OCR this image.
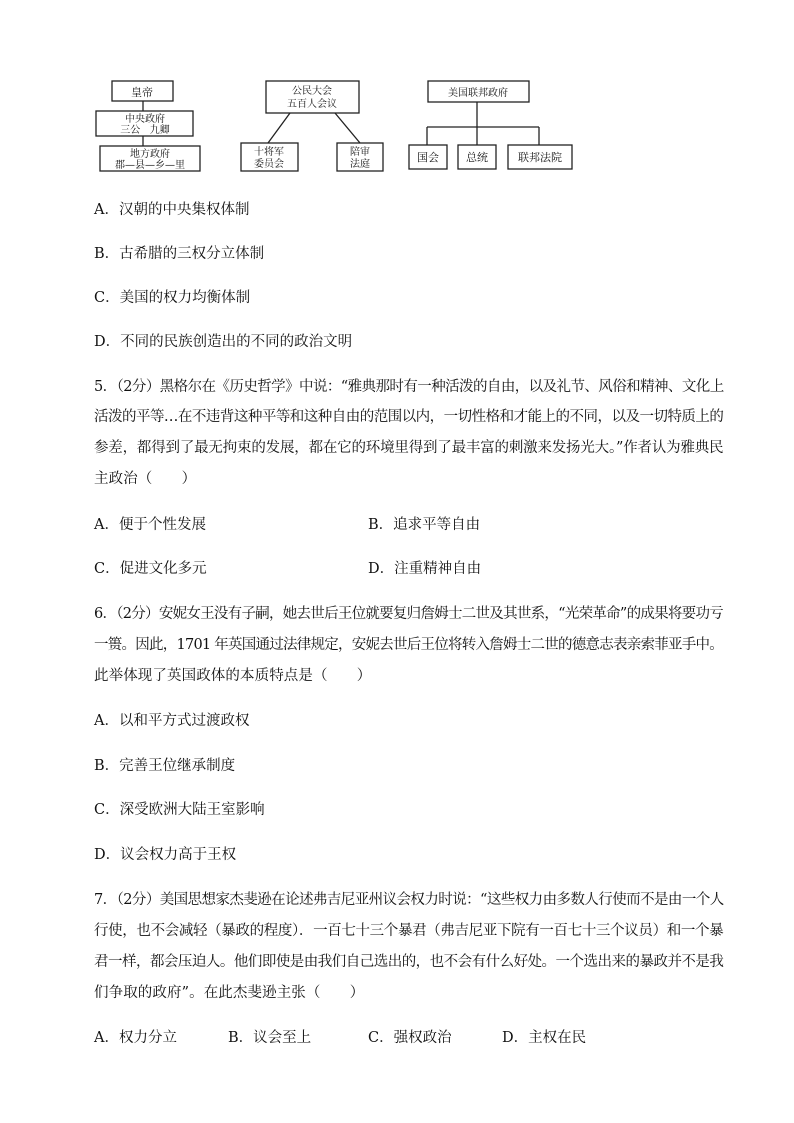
皇帝
中央政府
三公   九卿
地方政府
郡—县—乡—里
公民大会
五百人会议
十将军
委员会
陪审
法庭
美国联邦政府
国会 总统	联邦法院
A．汉朝的中央集权体制
B．古希腊的三权分立体制
C．美国的权力均衡体制
D．不同的民族创造出的不同的政治文明
5．（2分）黑格尔在《历史哲学》中说：“雅典那时有一种活泼的自由，以及礼节、风俗和精神、文化上
活泼的平等…在不违背这种平等和这种自由的范围以内，一切性格和才能上的不同，以及一切特质上的
参差，都得到了最无拘束的发展，都在它的环境里得到了最丰富的刺激来发扬光大。”作者认为雅典民
主政治（　　）
A．便于个性发展	B．追求平等自由
C．促进文化多元	D．注重精神自由
6．（2分）安妮女王没有子嗣，她去世后王位就要复归詹姆士二世及其世系，“光荣革命”的成果将要功亏
一篑。因此，1701 年英国通过法律规定，安妮去世后王位将转入詹姆士二世的德意志表亲索菲亚手中。
此举体现了英国政体的本质特点是（　　）
A．以和平方式过渡政权
B．完善王位继承制度
C．深受欧洲大陆王室影响
D．议会权力高于王权
7．（2分）美国思想家杰斐逊在论述弗吉尼亚州议会权力时说：“这些权力由多数人行使而不是由一个人
行使，也不会减轻（暴政的程度）．一百七十三个暴君（弗吉尼亚下院有一百七十三个议员）和一个暴
君一样，都会压迫人。他们即使是由我们自己选出的，也不会有什么好处。一个选出来的暴政并不是我
们争取的政府”。在此杰斐逊主张（　　）
A．权力分立	B．议会至上	C．强权政治	D．主权在民
